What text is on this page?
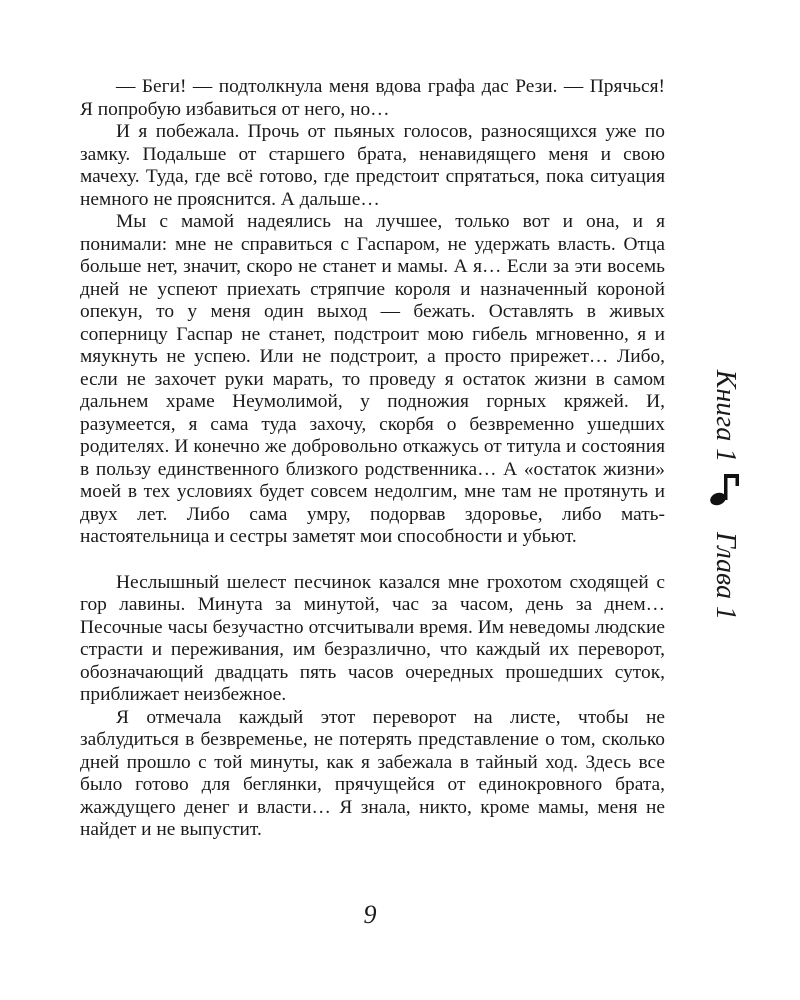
— Беги! — подтолкнула меня вдова графа дас Рези. — Прячься! Я попробую избавиться от него, но…

И я побежала. Прочь от пьяных голосов, разносящихся уже по замку. Подальше от старшего брата, ненавидящего меня и свою мачеху. Туда, где всё готово, где предстоит спрятаться, пока ситуация немного не прояснится. А дальше…

Мы с мамой надеялись на лучшее, только вот и она, и я понимали: мне не справиться с Гаспаром, не удержать власть. Отца больше нет, значит, скоро не станет и мамы. А я… Если за эти восемь дней не успеют приехать стряпчие короля и назначенный короной опекун, то у меня один выход — бежать. Оставлять в живых соперницу Гаспар не станет, подстроит мою гибель мгновенно, я и мяукнуть не успею. Или не подстроит, а просто прирежет… Либо, если не захочет руки марать, то проведу я остаток жизни в самом дальнем храме Неумолимой, у подножия горных кряжей. И, разумеется, я сама туда захочу, скорбя о безвременно ушедших родителях. И конечно же добровольно откажусь от титула и состояния в пользу единственного близкого родственника… А «остаток жизни» моей в тех условиях будет совсем недолгим, мне там не протянуть и двух лет. Либо сама умру, подорвав здоровье, либо мать-настоятельница и сестры заметят мои способности и убьют.

Неслышный шелест песчинок казался мне грохотом сходящей с гор лавины. Минута за минутой, час за часом, день за днем… Песочные часы безучастно отсчитывали время. Им неведомы людские страсти и переживания, им безразлично, что каждый их переворот, обозначающий двадцать пять часов очередных прошедших суток, приближает неизбежное.

Я отмечала каждый этот переворот на листе, чтобы не заблудиться в безвременье, не потерять представление о том, сколько дней прошло с той минуты, как я забежала в тайный ход. Здесь все было готово для беглянки, прячущейся от единокровного брата, жаждущего денег и власти… Я знала, никто, кроме мамы, меня не найдет и не выпустит.

Книга 1
Глава 1
9
